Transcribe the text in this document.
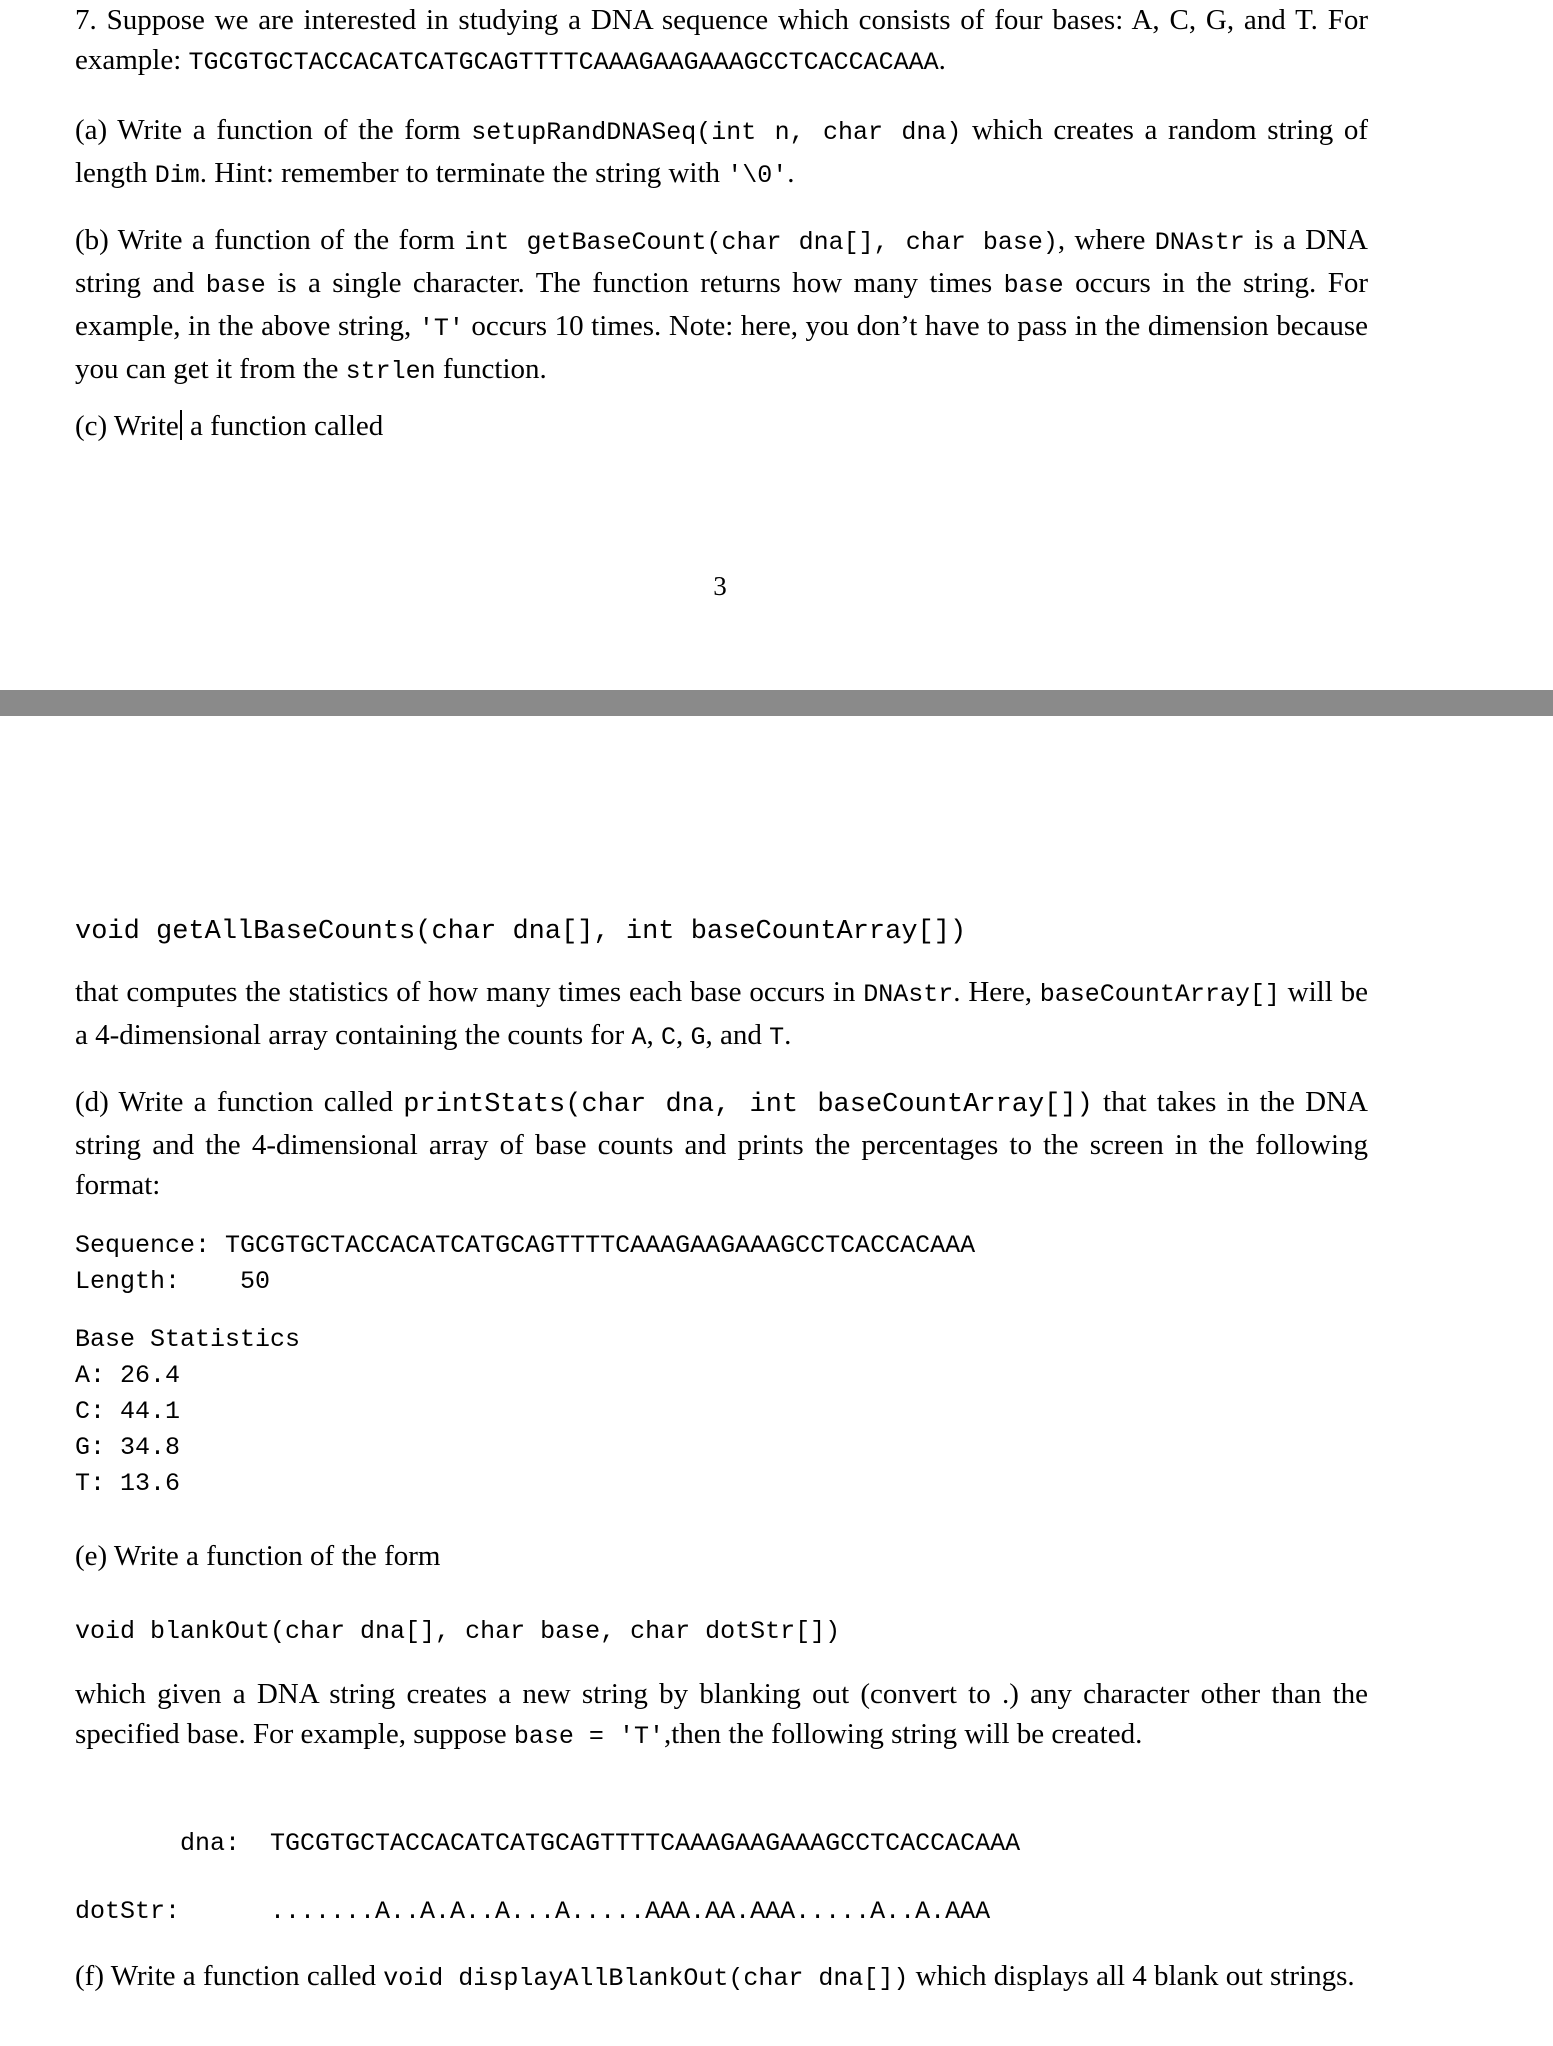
7. Suppose we are interested in studying a DNA sequence which consists of four bases: A, C, G, and T. For example: TGCGTGCTACCACATCATGCAGTTTTCAAAGAAGAAAGCCTCACCACAAA.

(a) Write a function of the form setupRandDNASeq(int n, char dna) which creates a random string of length Dim. Hint: remember to terminate the string with '\0'.

(b) Write a function of the form int getBaseCount(char dna[], char base), where DNAstr is a DNA string and base is a single character. The function returns how many times base occurs in the string. For example, in the above string, 'T' occurs 10 times. Note: here, you don’t have to pass in the dimension because you can get it from the strlen function.

(c) Write a function called

3
void getAllBaseCounts(char dna[], int baseCountArray[])

that computes the statistics of how many times each base occurs in DNAstr. Here, baseCountArray[] will be a 4-dimensional array containing the counts for A, C, G, and T.

(d) Write a function called printStats(char dna, int baseCountArray[]) that takes in the DNA string and the 4-dimensional array of base counts and prints the percentages to the screen in the following format:

Sequence: TGCGTGCTACCACATCATGCAGTTTTCAAAGAAGAAAGCCTCACCACAAA
Length: 50
Base Statistics
A: 26.4
C: 44.1
G: 34.8
T: 13.6

(e) Write a function of the form

void blankOut(char dna[], char base, char dotStr[])

which given a DNA string creates a new string by blanking out (convert to .) any character other than the specified base. For example, suppose base = 'T',then the following string will be created.

dna: TGCGTGCTACCACATCATGCAGTTTTCAAAGAAGAAAGCCTCACCACAAA
dotStr:	.......A..A.A..A...A.....AAA.AA.AAA.....A..A.AAA

(f) Write a function called void displayAllBlankOut(char dna[]) which displays all 4 blank out strings.
